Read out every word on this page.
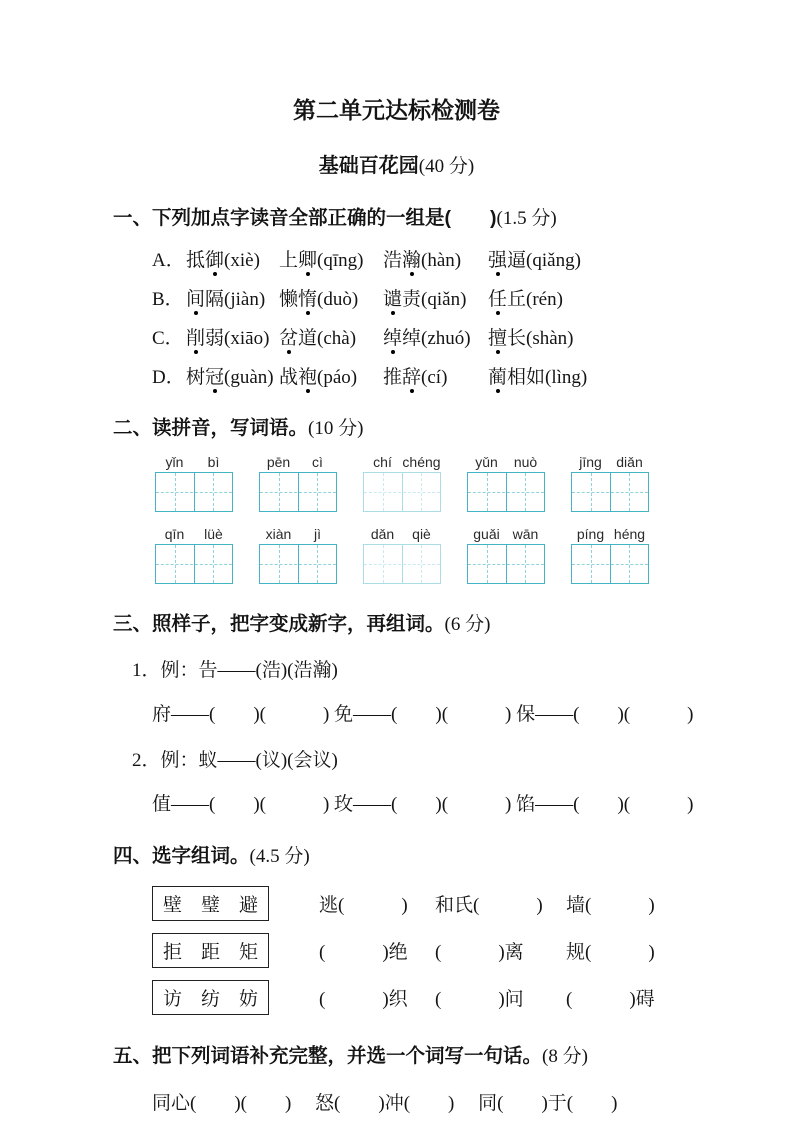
第二单元达标检测卷
基础百花园(40 分)
一、下列加点字读音全部正确的一组是(　　)(1.5 分)
A． 抵御(xiè)	上卿(qīng)	浩瀚(hàn)	强逼(qiǎng)
B． 间隔(jiàn) 懒惰(duò)	谴责(qiǎn)	任丘(rén)
C． 削弱(xiāo) 岔道(chà)	绰绰(zhuó) 擅长(shàn)
D． 树冠(guàn) 战袍(páo)	推辞(cí)	蔺相如(lìng)
二、读拼音，写词语。(10 分)
yǐn	bì	pēn	cì	chí chéng	yǔn	nuò	jīng	diǎn
qīn	lüè	xiàn	jì	dǎn	qiè	guǎi wān	píng héng
三、照样子，把字变成新字，再组词。(6 分)
1．例：告——(浩)(浩瀚)
府——(　　)(　　　) 免——(　　)(　　　) 保——(　　)(　　　)
2．例：蚁——(议)(会议)
值——(　　)(　　　) 玫——(　　)(　　　) 馅——(　　)(　　　)
四、选字组词。(4.5 分)
壁　璧　避	逃(　　　)	和氏(　　　)	墙(　　　)
拒　距　矩	(　　　)绝	(　　　)离	规(　　　)
访　纺　妨	(　　　)织	(　　　)问	(　　　)碍
五、把下列词语补充完整，并选一个词写一句话。(8 分)
同心(　　)(　　)　 怒(　　)冲(　　)　 同(　　)于(　　)
